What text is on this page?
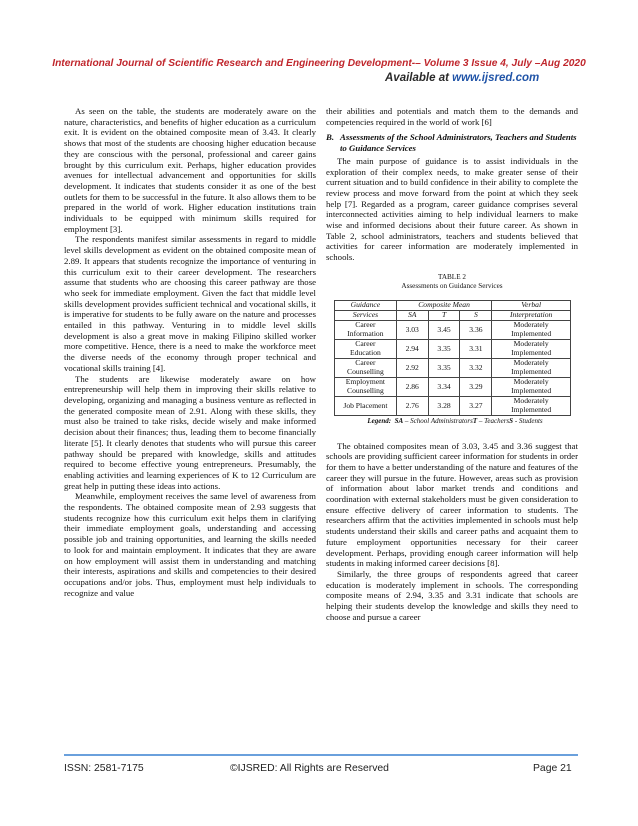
International Journal of Scientific Research and Engineering Development-– Volume 3 Issue 4, July –Aug 2020
Available at www.ijsred.com

As seen on the table, the students are moderately aware on the nature, characteristics, and benefits of higher education as a curriculum exit. It is evident on the obtained composite mean of 3.43. It clearly shows that most of the students are choosing higher education because they are conscious with the personal, professional and career gains brought by this curriculum exit. Perhaps, higher education provides avenues for intellectual advancement and opportunities for skills development. It indicates that students consider it as one of the best outlets for them to be successful in the future. It also allows them to be prepared in the world of work. Higher education institutions train individuals to be equipped with minimum skills required for employment [3].

The respondents manifest similar assessments in regard to middle level skills development as evident on the obtained composite mean of 2.89. It appears that students recognize the importance of venturing in this curriculum exit to their career development. The researchers assume that students who are choosing this career pathway are those who seek for immediate employment. Given the fact that middle level skills development provides sufficient technical and vocational skills, it is imperative for students to be fully aware on the nature and processes entailed in this pathway. Venturing in to middle level skills development is also a great move in making Filipino skilled worker more competitive. Hence, there is a need to make the workforce meet the diverse needs of the economy through proper technical and vocational skills training [4].

The students are likewise moderately aware on how entrepreneurship will help them in improving their skills relative to developing, organizing and managing a business venture as reflected in the generated composite mean of 2.91. Along with these skills, they must also be trained to take risks, decide wisely and make informed decision about their finances; thus, leading them to become financially literate [5]. It clearly denotes that students who will pursue this career pathway should be prepared with knowledge, skills and attitudes required to become effective young entrepreneurs. Presumably, the enabling activities and learning experiences of K to 12 Curriculum are great help in putting these ideas into actions.

Meanwhile, employment receives the same level of awareness from the respondents. The obtained composite mean of 2.93 suggests that students recognize how this curriculum exit helps them in clarifying their immediate employment goals, understanding and accessing possible job and training opportunities, and learning the skills needed to look for and maintain employment. It indicates that they are aware on how employment will assist them in understanding and matching their interests, aspirations and skills and competencies to their desired occupations and/or jobs. Thus, employment must help individuals to recognize and value

their abilities and potentials and match them to the demands and competencies required in the world of work [6]

B. Assessments of the School Administrators, Teachers and Students to Guidance Services

The main purpose of guidance is to assist individuals in the exploration of their complex needs, to make greater sense of their current situation and to build confidence in their ability to complete the review process and move forward from the point at which they seek help [7]. Regarded as a program, career guidance comprises several interconnected activities aiming to help individual learners to make wise and informed decisions about their future career. As shown in Table 2, school administrators, teachers and students believed that activities for career information are moderately implemented in schools.

TABLE 2
Assessments on Guidance Services
Guidance	Composite Mean			Verbal
Services	SA	T	S	Interpretation
Career
Information	3.03	3.45	3.36	Moderately
Implemented
Career
Education	2.94	3.35	3.31	Moderately
Implemented
Career
Counselling	2.92	3.35	3.32	Moderately
Implemented
Employment
Counselling	2.86	3.34	3.29	Moderately
Implemented
Job Placement	2.76	3.28	3.27	Moderately
Implemented
Legend: SA – School AdministratorsT – TeachersS - Students

The obtained composites mean of 3.03, 3.45 and 3.36 suggest that schools are providing sufficient career information for students in order for them to have a better understanding of the nature and features of the career they will pursue in the future. However, areas such as provision of information about labor market trends and conditions and coordination with external stakeholders must be given consideration to ensure effective delivery of career information to students. The researchers affirm that the activities implemented in schools must help students understand their skills and career paths and acquaint them to future employment opportunities necessary for their career development. Perhaps, providing enough career information will help students in making informed career decisions [8].

Similarly, the three groups of respondents agreed that career education is moderately implement in schools. The corresponding composite means of 2.94, 3.35 and 3.31 indicate that schools are helping their students develop the knowledge and skills they need to choose and pursue a career

ISSN: 2581-7175	©IJSRED: All Rights are Reserved	Page 21
